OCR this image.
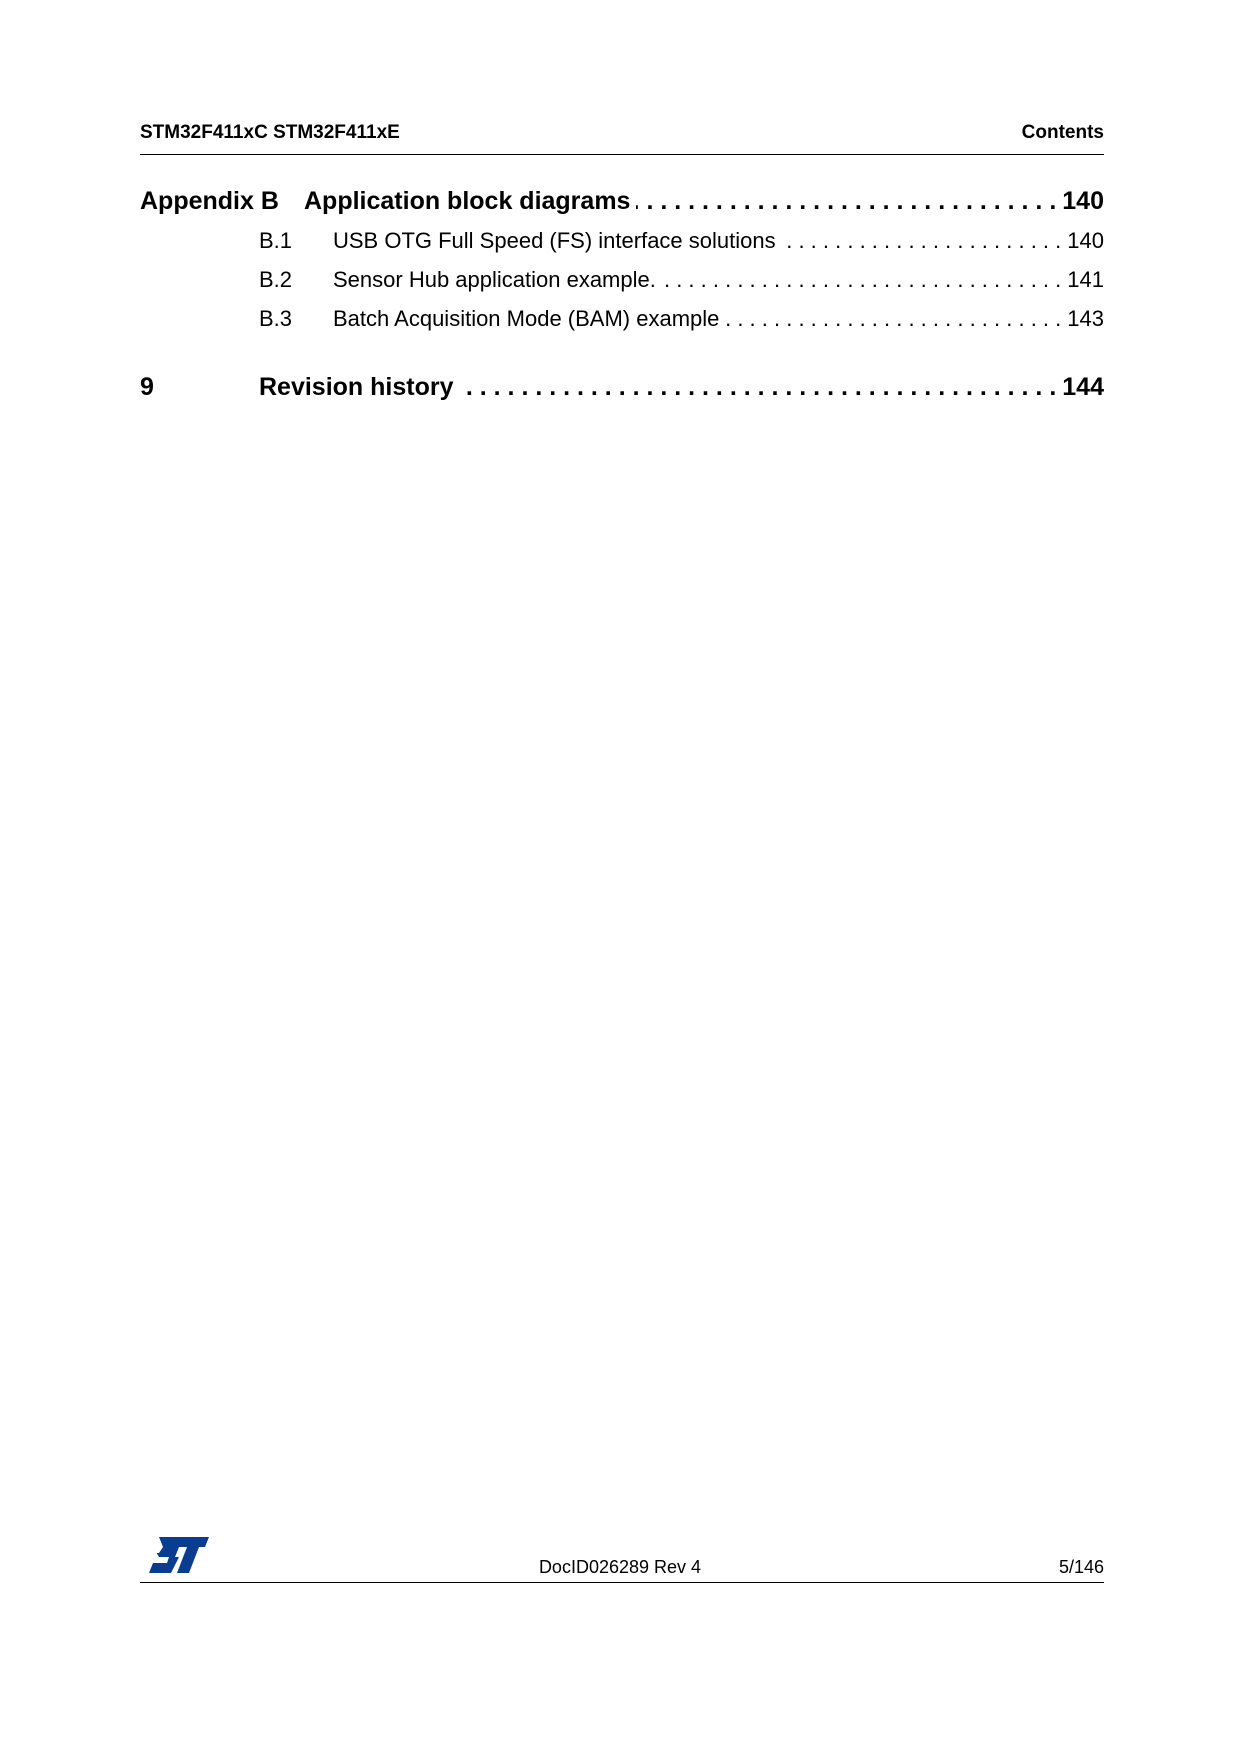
STM32F411xC STM32F411xE	Contents
Appendix B	Application block diagrams . . .	140
B.1	USB OTG Full Speed (FS) interface solutions . . .	140
B.2	Sensor Hub application example. . . .	141
B.3	Batch Acquisition Mode (BAM) example . . .	143
9	Revision history . . .	144
DocID026289 Rev 4	5/146
